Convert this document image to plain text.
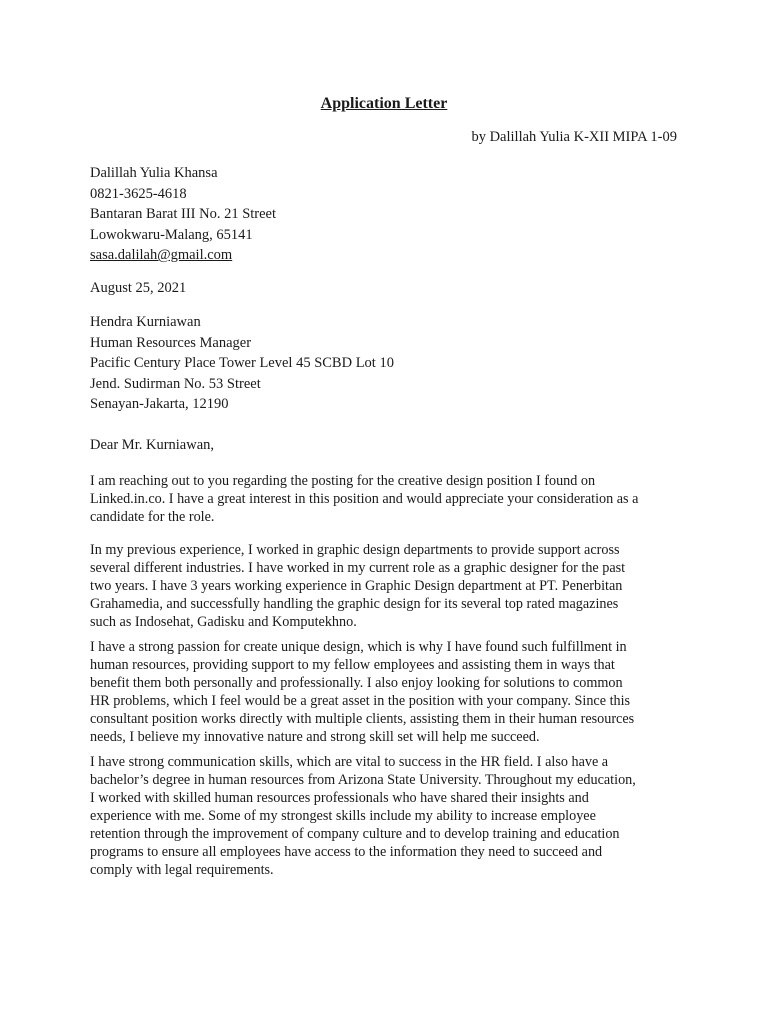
Application Letter
by Dalillah Yulia K-XII MIPA 1-09
Dalillah Yulia Khansa
0821-3625-4618
Bantaran Barat III No. 21 Street
Lowokwaru-Malang, 65141
sasa.dalilah@gmail.com
August 25, 2021
Hendra Kurniawan
Human Resources Manager
Pacific Century Place Tower Level 45 SCBD Lot 10
Jend. Sudirman No. 53 Street
Senayan-Jakarta, 12190
Dear Mr. Kurniawan,
I am reaching out to you regarding the posting for the creative design position I found on
Linked.in.co. I have a great interest in this position and would appreciate your consideration as a
candidate for the role.
In my previous experience, I worked in graphic design departments to provide support across
several different industries. I have worked in my current role as a graphic designer for the past
two years. I have 3 years working experience in Graphic Design department at PT. Penerbitan
Grahamedia, and successfully handling the graphic design for its several top rated magazines
such as Indosehat, Gadisku and Komputekhno.
I have a strong passion for create unique design, which is why I have found such fulfillment in
human resources, providing support to my fellow employees and assisting them in ways that
benefit them both personally and professionally. I also enjoy looking for solutions to common
HR problems, which I feel would be a great asset in the position with your company. Since this
consultant position works directly with multiple clients, assisting them in their human resources
needs, I believe my innovative nature and strong skill set will help me succeed.
I have strong communication skills, which are vital to success in the HR field. I also have a
bachelor’s degree in human resources from Arizona State University. Throughout my education,
I worked with skilled human resources professionals who have shared their insights and
experience with me. Some of my strongest skills include my ability to increase employee
retention through the improvement of company culture and to develop training and education
programs to ensure all employees have access to the information they need to succeed and
comply with legal requirements.
